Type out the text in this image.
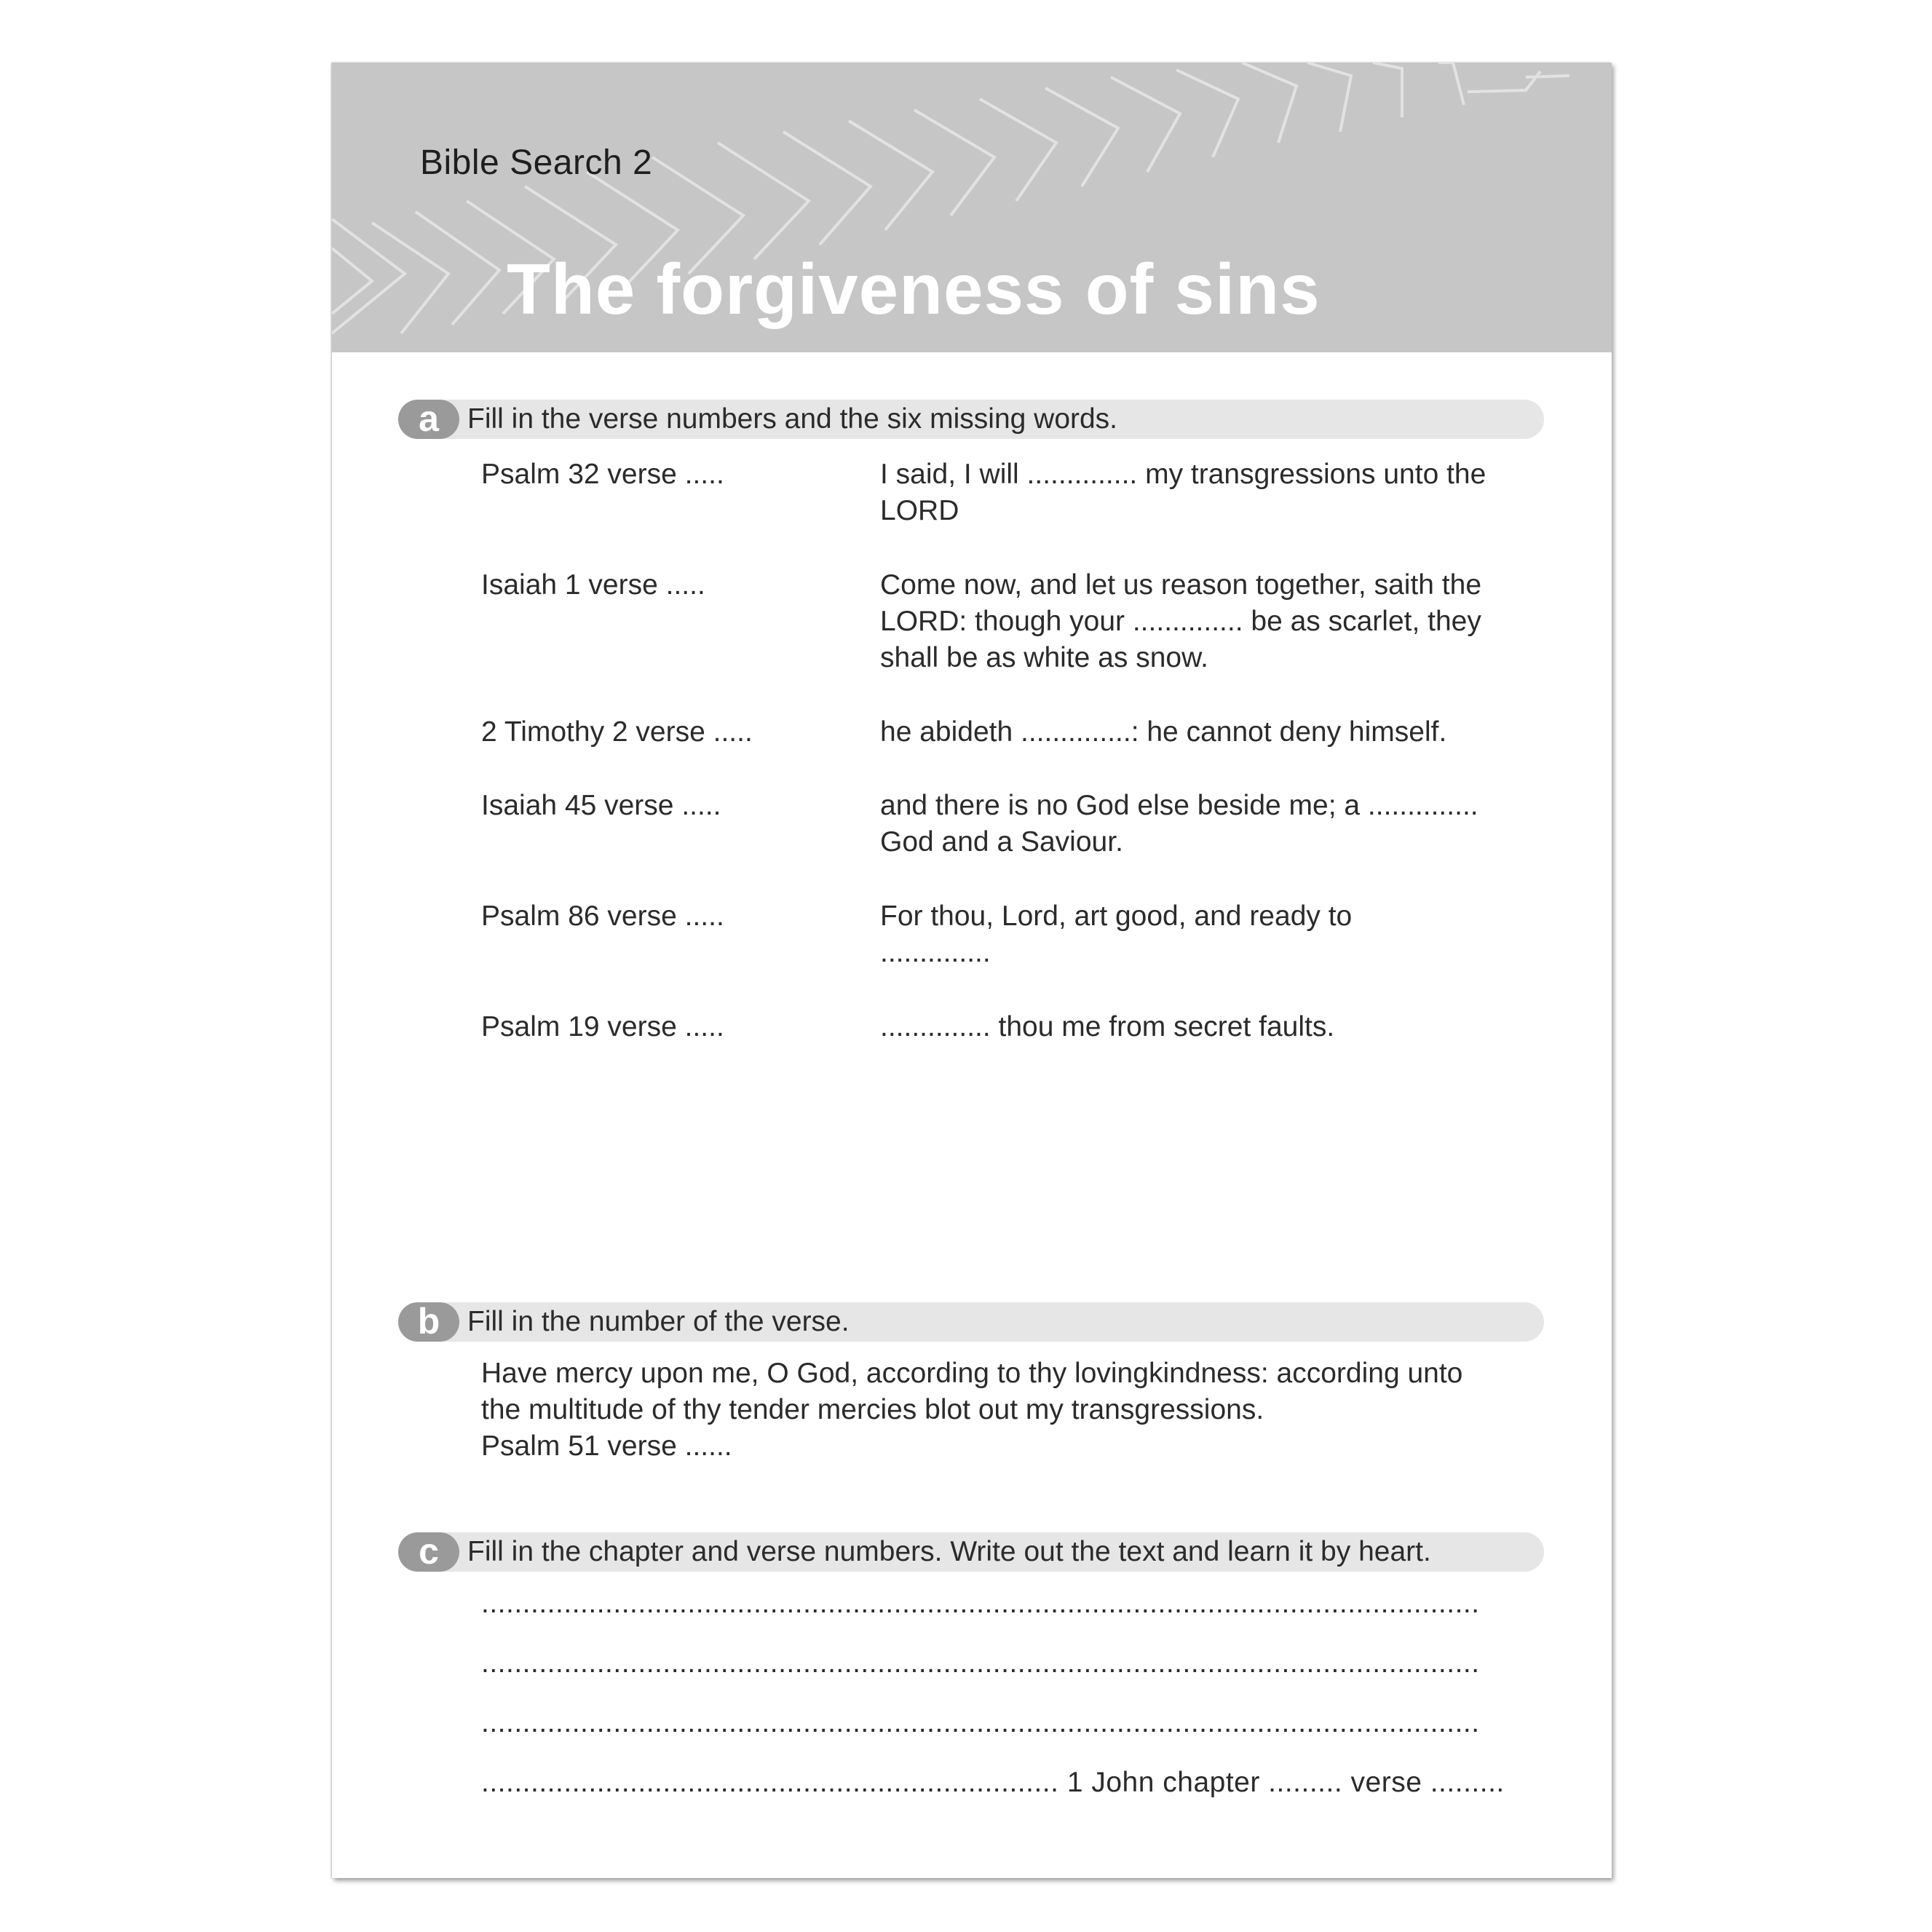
Bible Search 2
The forgiveness of sins
a	Fill in the verse numbers and the six missing words.
Psalm 32 verse .....	I said, I will .............. my transgressions unto the LORD
Isaiah 1 verse .....	Come now, and let us reason together, saith the LORD: though your .............. be as scarlet, they shall be as white as snow.
2 Timothy 2 verse .....	he abideth ..............: he cannot deny himself.
Isaiah 45 verse .....	and there is no God else beside me; a .............. God and a Saviour.
Psalm 86 verse .....	For thou, Lord, art good, and ready to ..............
Psalm 19 verse .....	.............. thou me from secret faults.
b Fill in the number of the verse.
Have mercy upon me, O God, according to thy lovingkindness: according unto the multitude of thy tender mercies blot out my transgressions.
Psalm 51 verse ......
c	Fill in the chapter and verse numbers. Write out the text and learn it by heart.
.........................................................................................................................
.........................................................................................................................
.........................................................................................................................
...................................................................... 1 John chapter ......... verse .........
